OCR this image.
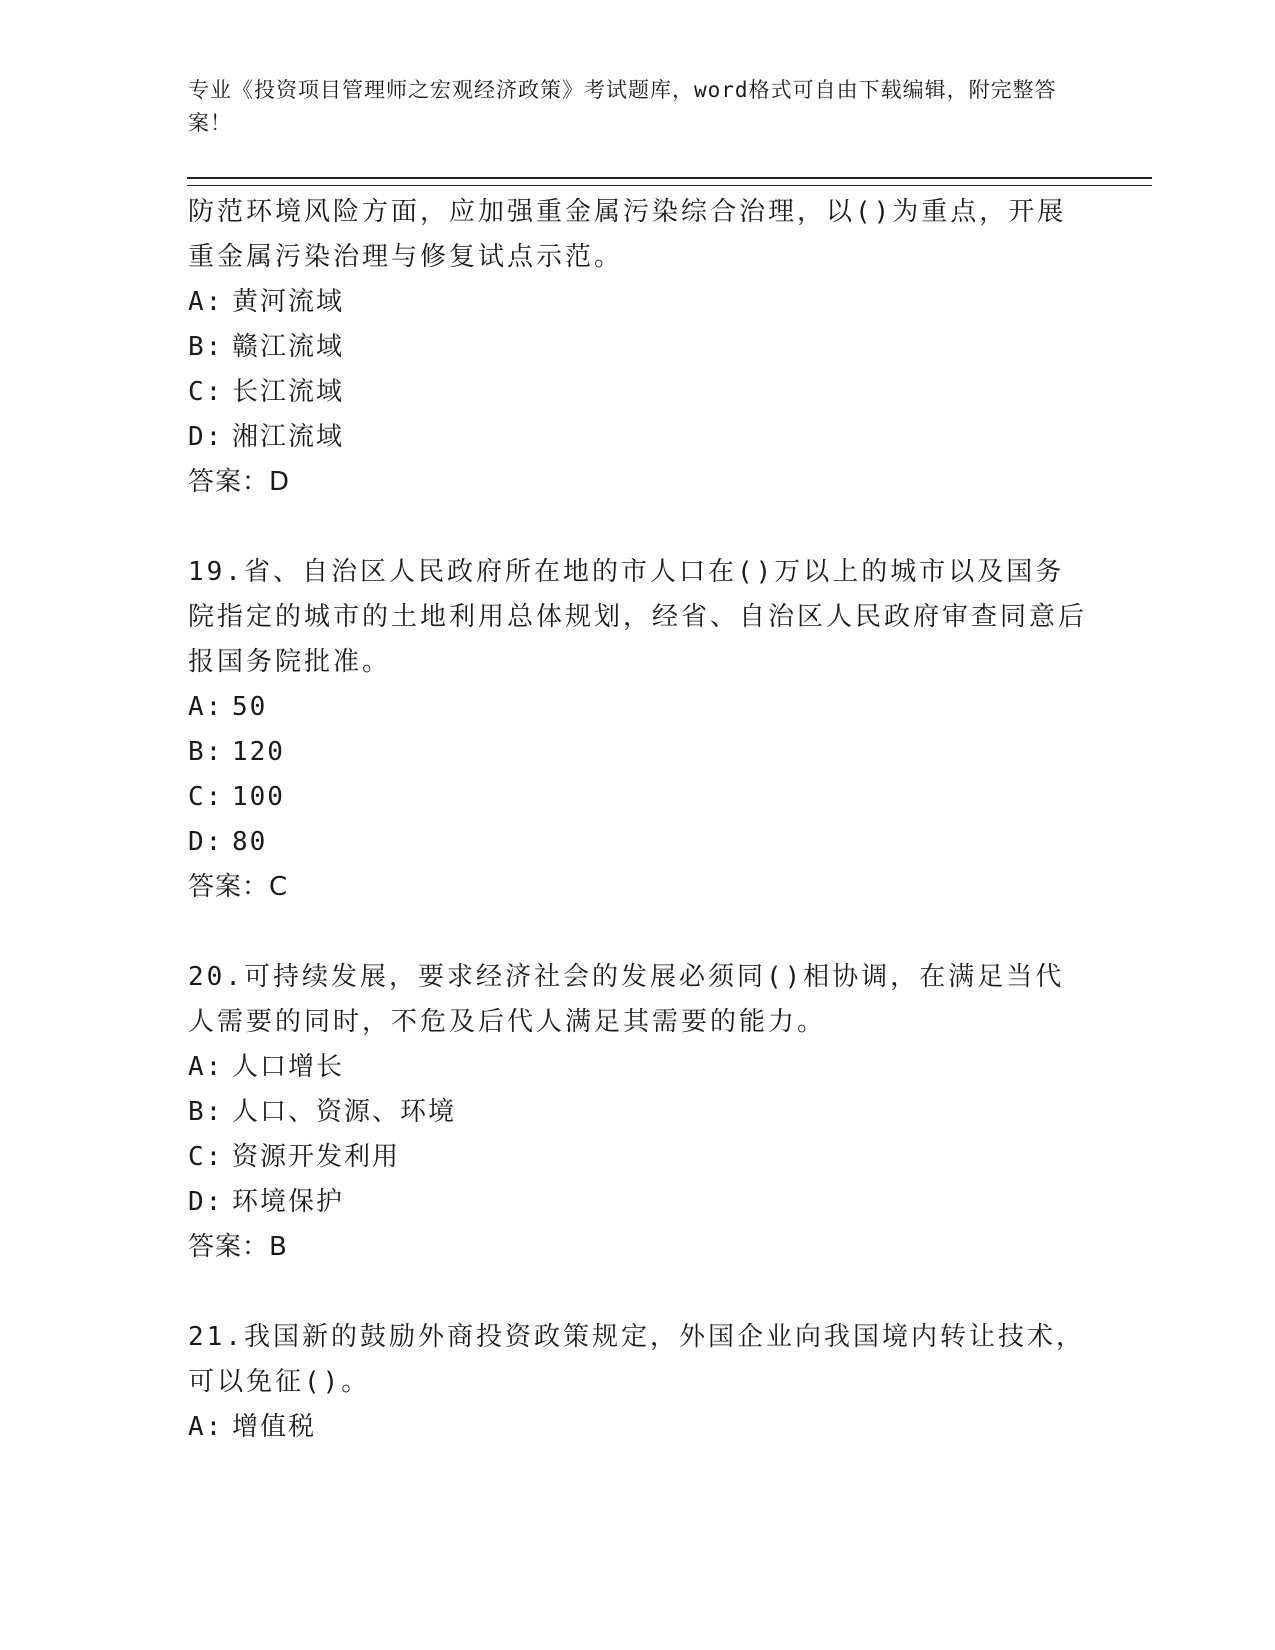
专业《投资项目管理师之宏观经济政策》考试题库，word格式可自由下载编辑，附完整答案！
防范环境风险方面，应加强重金属污染综合治理，以()为重点，开展重金属污染治理与修复试点示范。
A: 黄河流域
B: 赣江流域
C: 长江流域
D: 湘江流域
答案：D
19.省、自治区人民政府所在地的市人口在()万以上的城市以及国务院指定的城市的土地利用总体规划，经省、自治区人民政府审查同意后报国务院批准。
A: 50
B: 120
C: 100
D: 80
答案：C
20.可持续发展，要求经济社会的发展必须同()相协调，在满足当代人需要的同时，不危及后代人满足其需要的能力。
A: 人口增长
B: 人口、资源、环境
C: 资源开发利用
D: 环境保护
答案：B
21.我国新的鼓励外商投资政策规定，外国企业向我国境内转让技术，可以免征()。
A: 增值税
